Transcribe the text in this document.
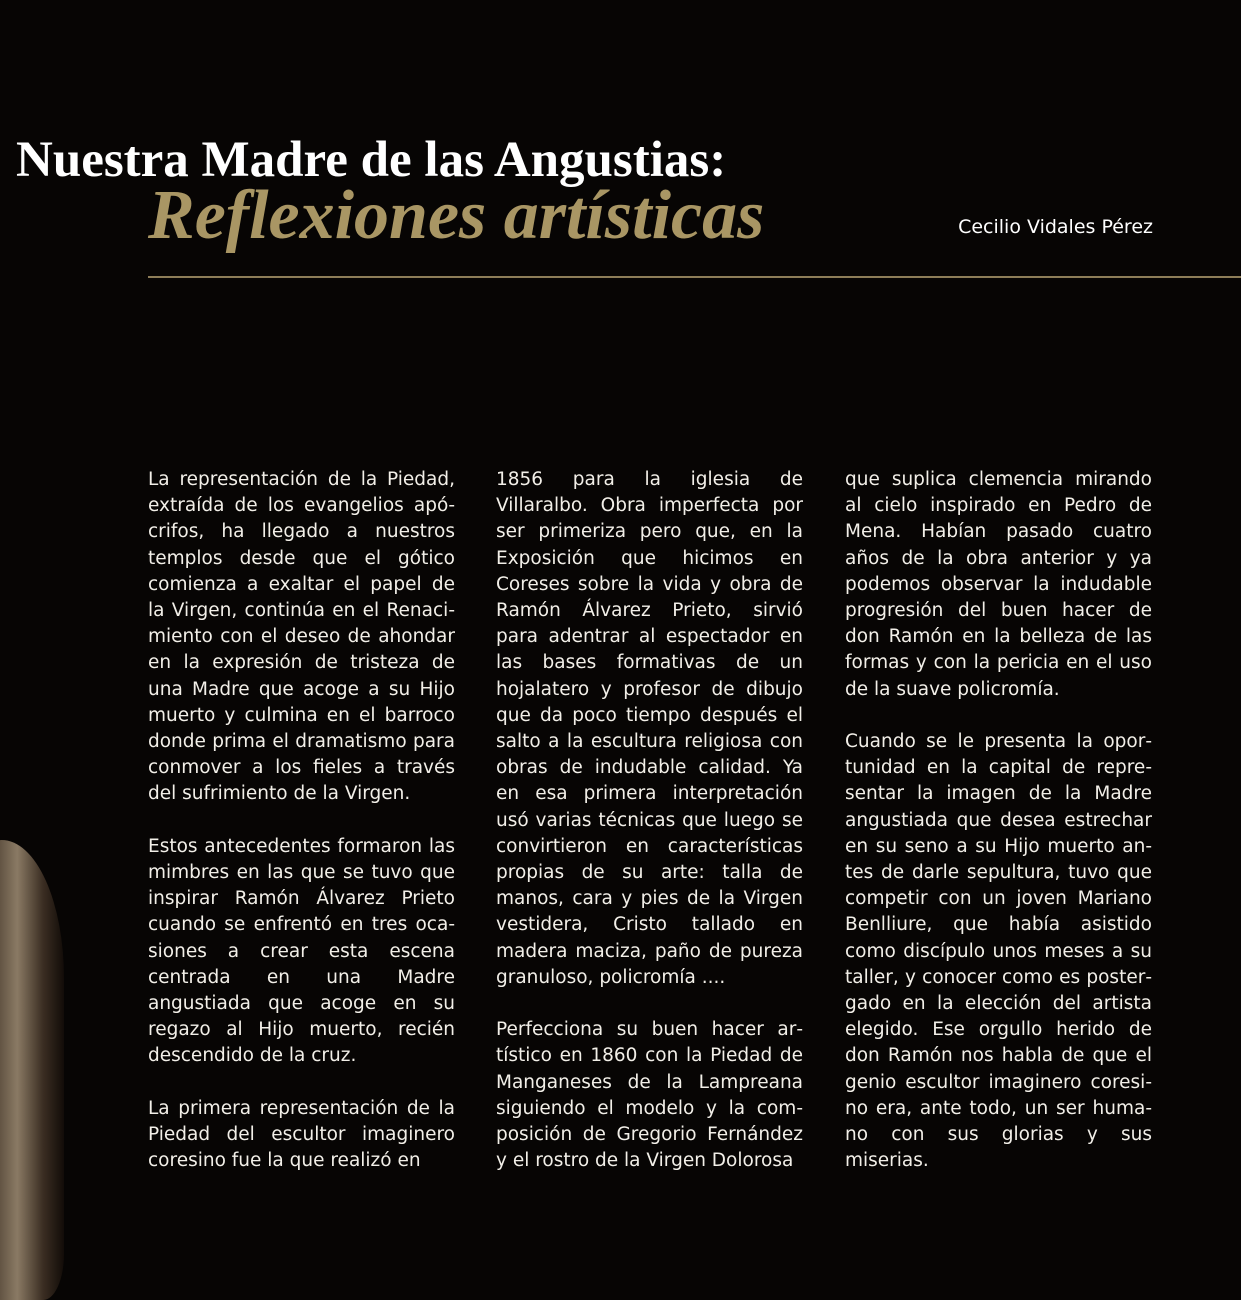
Nuestra Madre de las Angustias:
Reflexiones artísticas	Cecilio Vidales Pérez

La representación de la Piedad, extraída de los evangelios apócrifos, ha llegado a nuestros templos desde que el gótico comienza a exaltar el papel de la Virgen, continúa en el Renacimiento con el deseo de ahondar en la expresión de tristeza de una Madre que acoge a su Hijo muerto y culmina en el barroco donde prima el dramatismo para conmover a los fieles a través del sufrimiento de la Virgen.

Estos antecedentes formaron las mimbres en las que se tuvo que inspirar Ramón Álvarez Prieto cuando se enfrentó en tres ocasiones a crear esta escena centrada en una Madre angustiada que acoge en su regazo al Hijo muerto, recién descendido de la cruz.

La primera representación de la Piedad del escultor imaginero coresino fue la que realizó en

1856 para la iglesia de Villaralbo. Obra imperfecta por ser primeriza pero que, en la Exposición que hicimos en Coreses sobre la vida y obra de Ramón Álvarez Prieto, sirvió para adentrar al espectador en las bases formativas de un hojalatero y profesor de dibujo que da poco tiempo después el salto a la escultura religiosa con obras de indudable calidad. Ya en esa primera interpretación usó varias técnicas que luego se convirtieron en características propias de su arte: talla de manos, cara y pies de la Virgen vestidera, Cristo tallado en madera maciza, paño de pureza granuloso, policromía ....

Perfecciona su buen hacer artístico en 1860 con la Piedad de Manganeses de la Lampreana siguiendo el modelo y la composición de Gregorio Fernández y el rostro de la Virgen Dolorosa

que suplica clemencia mirando al cielo inspirado en Pedro de Mena. Habían pasado cuatro años de la obra anterior y ya podemos observar la indudable progresión del buen hacer de don Ramón en la belleza de las formas y con la pericia en el uso de la suave policromía.

Cuando se le presenta la oportunidad en la capital de representar la imagen de la Madre angustiada que desea estrechar en su seno a su Hijo muerto antes de darle sepultura, tuvo que competir con un joven Mariano Benlliure, que había asistido como discípulo unos meses a su taller, y conocer como es postergado en la elección del artista elegido. Ese orgullo herido de don Ramón nos habla de que el genio escultor imaginero coresino era, ante todo, un ser humano con sus glorias y sus miserias.
